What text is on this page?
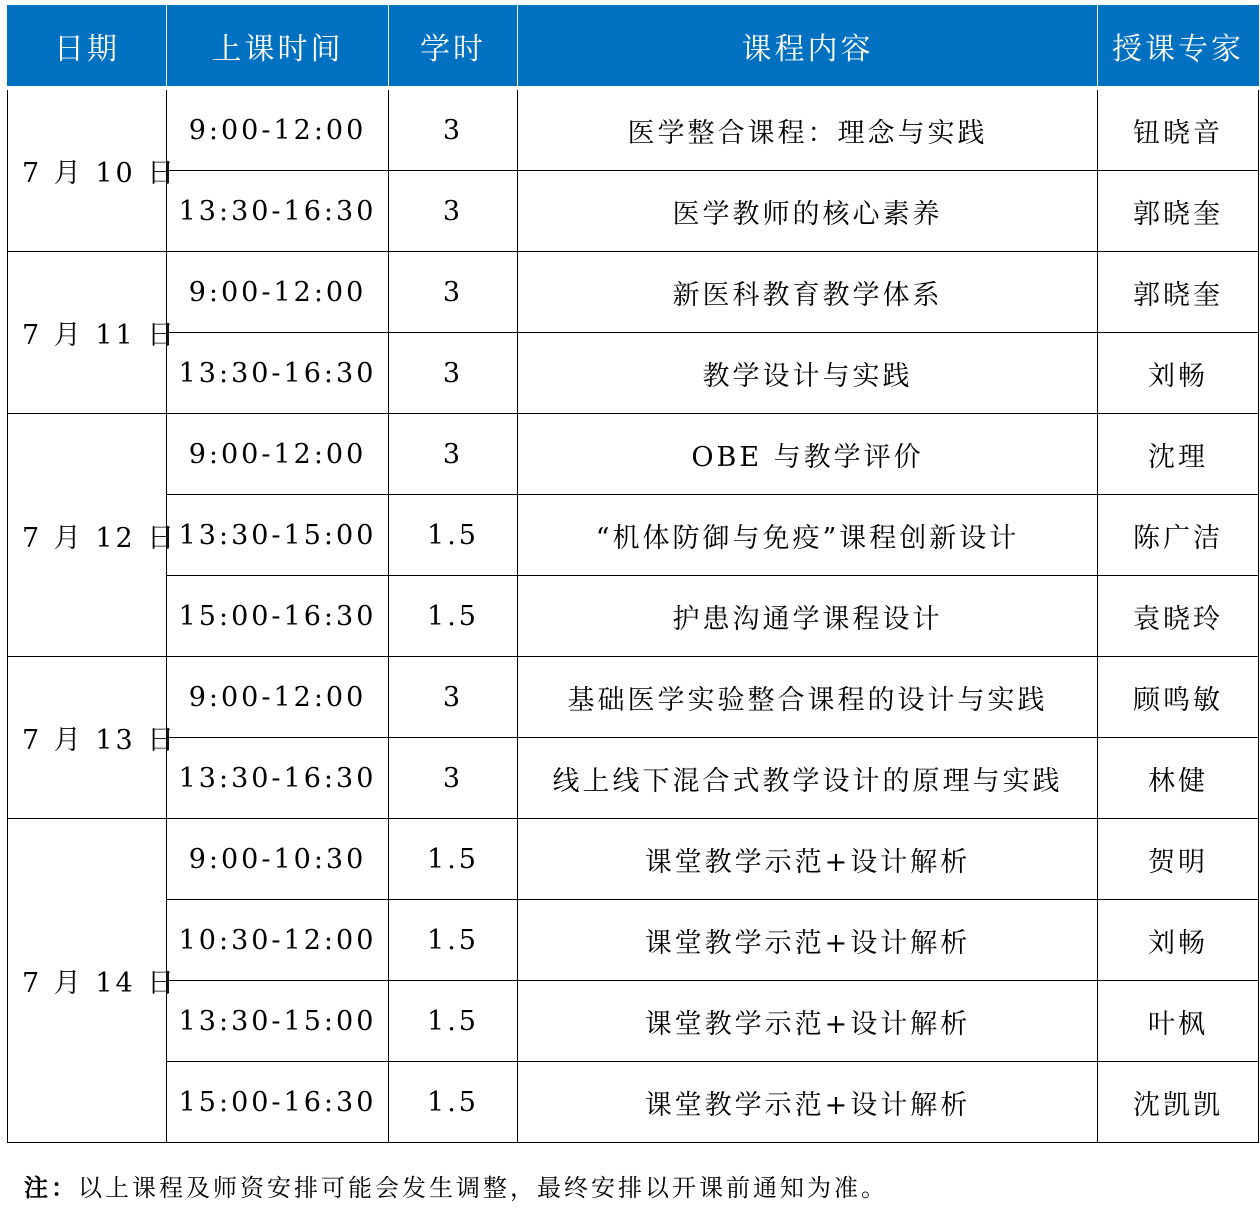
日期	上课时间	学时	课程内容	授课专家
7 月 10 日	9:00-12:00	3	医学整合课程：理念与实践	钮晓音
	13:30-16:30	3	医学教师的核心素养	郭晓奎
7 月 11 日	9:00-12:00	3	新医科教育教学体系	郭晓奎
	13:30-16:30	3	教学设计与实践	刘畅
7 月 12 日	9:00-12:00	3	OBE 与教学评价	沈理
	13:30-15:00	1.5	“机体防御与免疫”课程创新设计	陈广洁
	15:00-16:30	1.5	护患沟通学课程设计	袁晓玲
7 月 13 日	9:00-12:00	3	基础医学实验整合课程的设计与实践	顾鸣敏
	13:30-16:30	3	线上线下混合式教学设计的原理与实践	林健
7 月 14 日	9:00-10:30	1.5	课堂教学示范+设计解析	贺明
	10:30-12:00	1.5	课堂教学示范+设计解析	刘畅
	13:30-15:00	1.5	课堂教学示范+设计解析	叶枫
	15:00-16:30	1.5	课堂教学示范+设计解析	沈凯凯
注：以上课程及师资安排可能会发生调整，最终安排以开课前通知为准。
